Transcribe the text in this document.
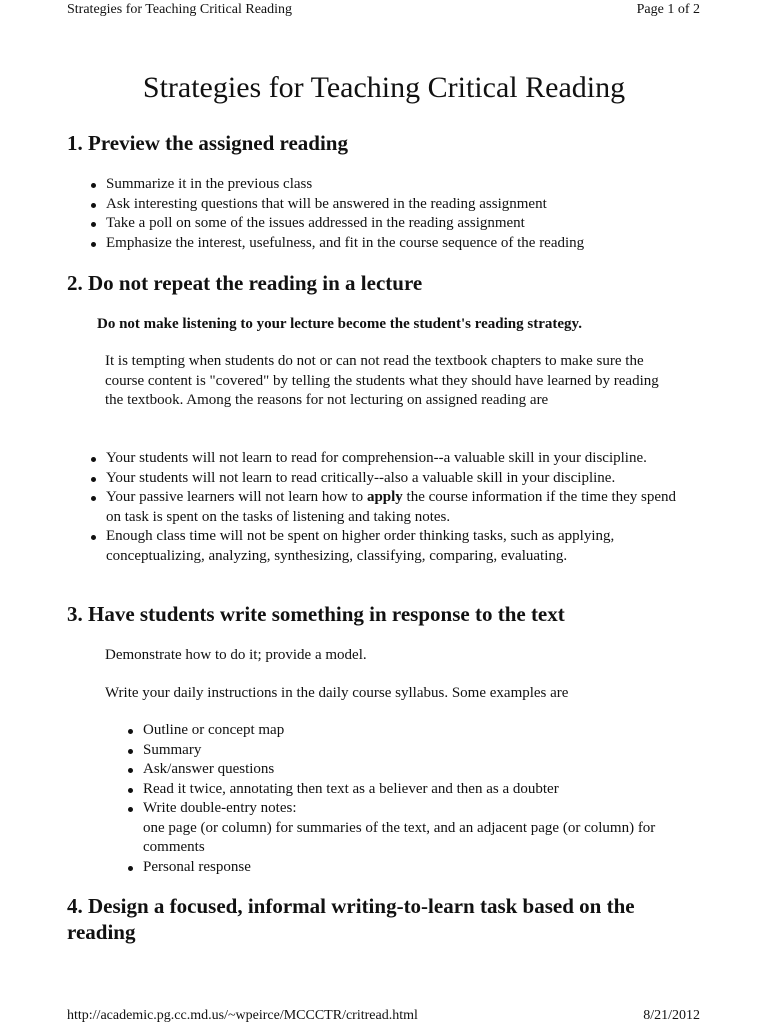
Strategies for Teaching Critical Reading	Page 1 of 2
Strategies for Teaching Critical Reading
1. Preview the assigned reading
Summarize it in the previous class
Ask interesting questions that will be answered in the reading assignment
Take a poll on some of the issues addressed in the reading assignment
Emphasize the interest, usefulness, and fit in the course sequence of the reading
2. Do not repeat the reading in a lecture

Do not make listening to your lecture become the student's reading strategy.

It is tempting when students do not or can not read the textbook chapters to make sure the course content is "covered" by telling the students what they should have learned by reading the textbook. Among the reasons for not lecturing on assigned reading are

Your students will not learn to read for comprehension--a valuable skill in your discipline.
Your students will not learn to read critically--also a valuable skill in your discipline.
Your passive learners will not learn how to apply the course information if the time they spend on task is spent on the tasks of listening and taking notes.
Enough class time will not be spent on higher order thinking tasks, such as applying, conceptualizing, analyzing, synthesizing, classifying, comparing, evaluating.
3. Have students write something in response to the text

Demonstrate how to do it; provide a model.

Write your daily instructions in the daily course syllabus. Some examples are

Outline or concept map
Summary
Ask/answer questions
Read it twice, annotating then text as a believer and then as a doubter
Write double-entry notes:
one page (or column) for summaries of the text, and an adjacent page (or column) for comments
Personal response
4. Design a focused, informal writing-to-learn task based on the reading
http://academic.pg.cc.md.us/~wpeirce/MCCCTR/critread.html	8/21/2012
